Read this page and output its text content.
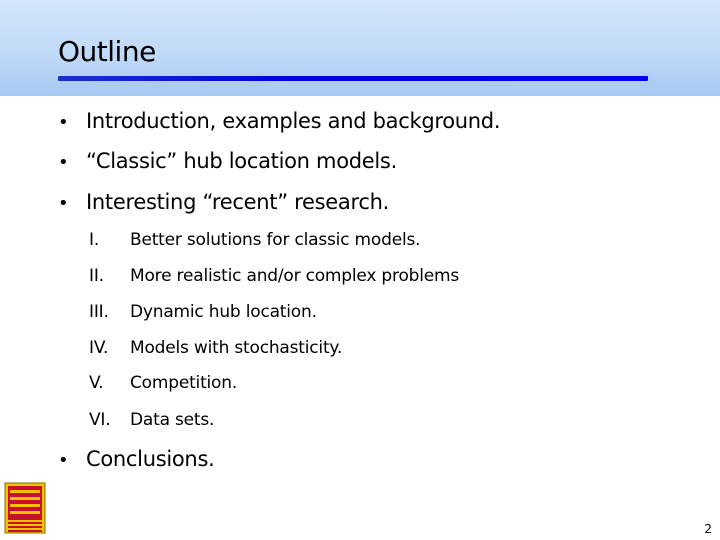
Outline
• Introduction, examples and background.
• “Classic” hub location models.
• Interesting “recent” research.
I. Better solutions for classic models.
II. More realistic and/or complex problems
III. Dynamic hub location.
IV. Models with stochasticity.
V. Competition.
VI. Data sets.
• Conclusions.
2
